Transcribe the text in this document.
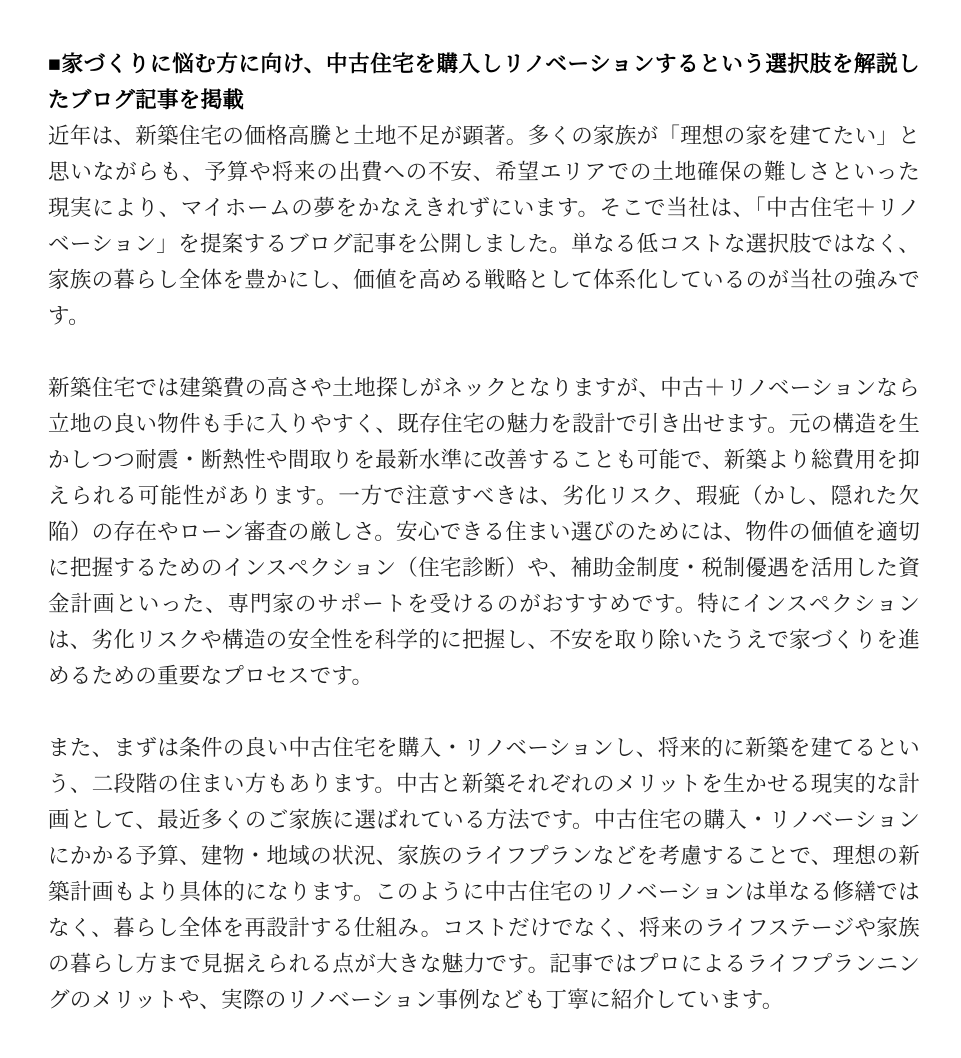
■家づくりに悩む方に向け、中古住宅を購入しリノベーションするという選択肢を解説したブログ記事を掲載

近年は、新築住宅の価格高騰と土地不足が顕著。多くの家族が「理想の家を建てたい」と思いながらも、予算や将来の出費への不安、希望エリアでの土地確保の難しさといった現実により、マイホームの夢をかなえきれずにいます。そこで当社は、「中古住宅＋リノベーション」を提案するブログ記事を公開しました。単なる低コストな選択肢ではなく、家族の暮らし全体を豊かにし、価値を高める戦略として体系化しているのが当社の強みです。

新築住宅では建築費の高さや土地探しがネックとなりますが、中古＋リノベーションなら立地の良い物件も手に入りやすく、既存住宅の魅力を設計で引き出せます。元の構造を生かしつつ耐震・断熱性や間取りを最新水準に改善することも可能で、新築より総費用を抑えられる可能性があります。一方で注意すべきは、劣化リスク、瑕疵（かし、隠れた欠陥）の存在やローン審査の厳しさ。安心できる住まい選びのためには、物件の価値を適切に把握するためのインスペクション（住宅診断）や、補助金制度・税制優遇を活用した資金計画といった、専門家のサポートを受けるのがおすすめです。特にインスペクションは、劣化リスクや構造の安全性を科学的に把握し、不安を取り除いたうえで家づくりを進めるための重要なプロセスです。

また、まずは条件の良い中古住宅を購入・リノベーションし、将来的に新築を建てるという、二段階の住まい方もあります。中古と新築それぞれのメリットを生かせる現実的な計画として、最近多くのご家族に選ばれている方法です。中古住宅の購入・リノベーションにかかる予算、建物・地域の状況、家族のライフプランなどを考慮することで、理想の新築計画もより具体的になります。このように中古住宅のリノベーションは単なる修繕ではなく、暮らし全体を再設計する仕組み。コストだけでなく、将来のライフステージや家族の暮らし方まで見据えられる点が大きな魅力です。記事ではプロによるライフプランニングのメリットや、実際のリノベーション事例なども丁寧に紹介しています。
